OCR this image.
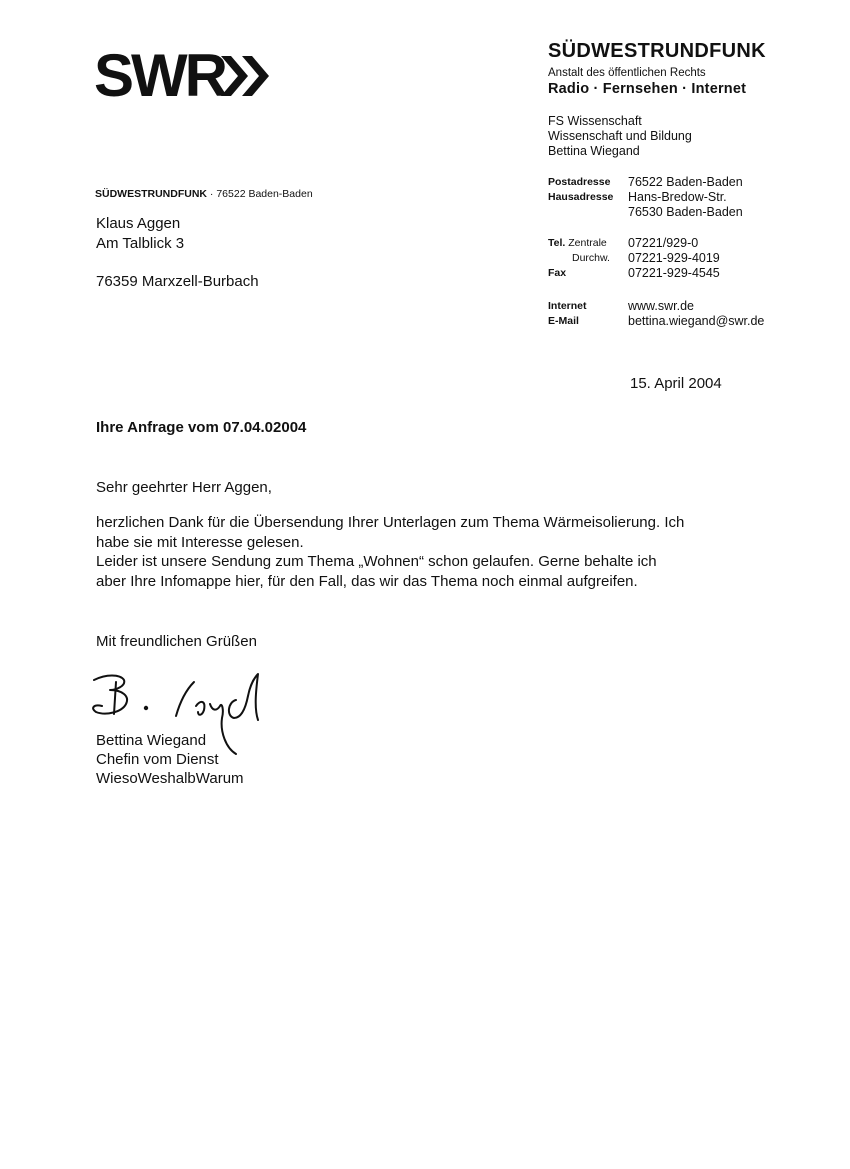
SWR	SÜDWESTRUNDFUNK
Anstalt des öffentlichen Rechts
Radio · Fernsehen · Internet
FS Wissenschaft
Wissenschaft und Bildung
Bettina Wiegand
Postadresse	76522 Baden-Baden
Hausadresse	Hans-Bredow-Str.
76530 Baden-Baden
Tel. Zentrale	07221/929-0
Durchw.	07221-929-4019
Fax	07221-929-4545
Internet	www.swr.de
E-Mail	bettina.wiegand@swr.de
SÜDWESTRUNDFUNK · 76522 Baden-Baden
Klaus Aggen
Am Talblick 3
76359 Marxzell-Burbach
15. April 2004
Ihre Anfrage vom 07.04.02004
Sehr geehrter Herr Aggen,
herzlichen Dank für die Übersendung Ihrer Unterlagen zum Thema Wärmeisolierung. Ich
habe sie mit Interesse gelesen.
Leider ist unsere Sendung zum Thema „Wohnen“ schon gelaufen. Gerne behalte ich
aber Ihre Infomappe hier, für den Fall, das wir das Thema noch einmal aufgreifen.
Mit freundlichen Grüßen
Bettina Wiegand
Chefin vom Dienst
WiesoWeshalbWarum
